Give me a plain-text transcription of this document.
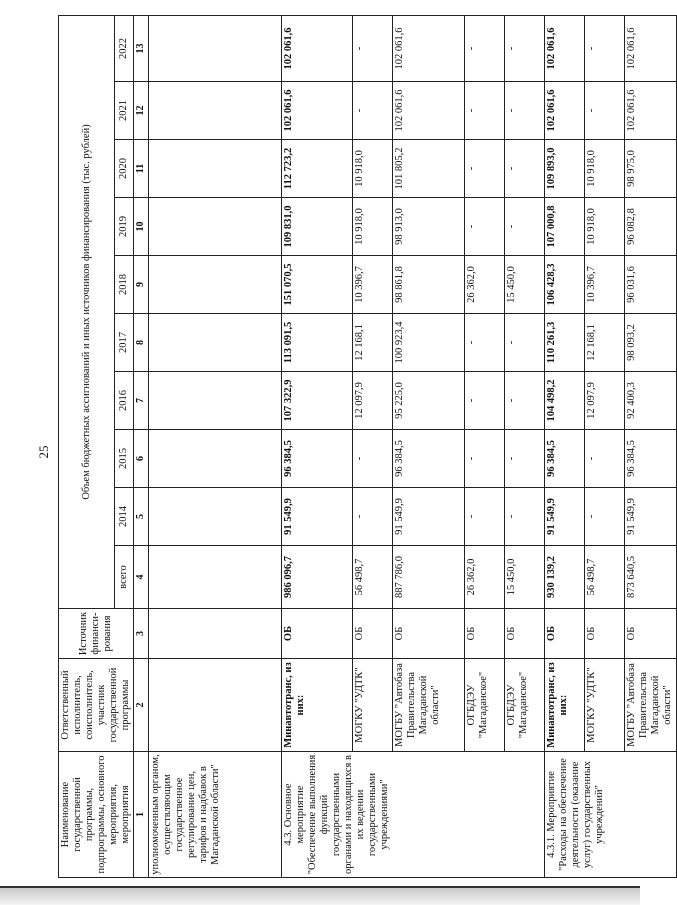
25
Наименование государственной программы, подпрограммы, основного мероприятия, мероприятия	Ответственный исполнитель, соисполнитель, участник государственной программы	Источник финанси-рования	Объем бюджетных ассигнований и иных источников финансирования (тыс. рублей)									
			всего	2014	2015	2016	2017	2018	2019	2020	2021	2022
1	2	3	4	5	6	7	8	9	10	11	12	13
уполномоченным органом, осуществляющим государственное регулирование цен, тарифов и надбавок в Магаданской области"												
4.3. Основное мероприятие "Обеспечение выполнения функций государственными органами и находящихся в их ведении государственными учреждениями"	Минавтотранс, из них:	ОБ	986 096,7	91 549,9	96 384,5	107 322,9	113 091,5	151 070,5	109 831,0	112 723,2	102 061,6	102 061,6
	МОГКУ "УДТК"	ОБ	56 498,7	-	-	12 097,9	12 168,1	10 396,7	10 918,0	10 918,0	-	-
	МОГБУ "Автобаза Правительства Магаданской области"	ОБ	887 786,0	91 549,9	96 384,5	95 225,0	100 923,4	98 861,8	98 913,0	101 805,2	102 061,6	102 061,6
	ОГБДЭУ "Магаданское"	ОБ	26 362,0	-	-	-	-	26 362,0	-	-	-	-
	ОГБДЭУ "Магаданское"	ОБ	15 450,0	-	-	-	-	15 450,0	-	-	-	-
4.3.1. Мероприятие "Расходы на обеспечение деятельности (оказание услуг) государственных учреждений"	Минавтотранс, из них:	ОБ	930 139,2	91 549,9	96 384,5	104 498,2	110 261,3	106 428,3	107 000,8	109 893,0	102 061,6	102 061,6
	МОГКУ "УДТК"	ОБ	56 498,7	-	-	12 097,9	12 168,1	10 396,7	10 918,0	10 918,0	-	-
	МОГБУ "Автобаза Правительства Магаданской области"	ОБ	873 640,5	91 549,9	96 384,5	92 400,3	98 093,2	96 031,6	96 082,8	98 975,0	102 061,6	102 061,6
